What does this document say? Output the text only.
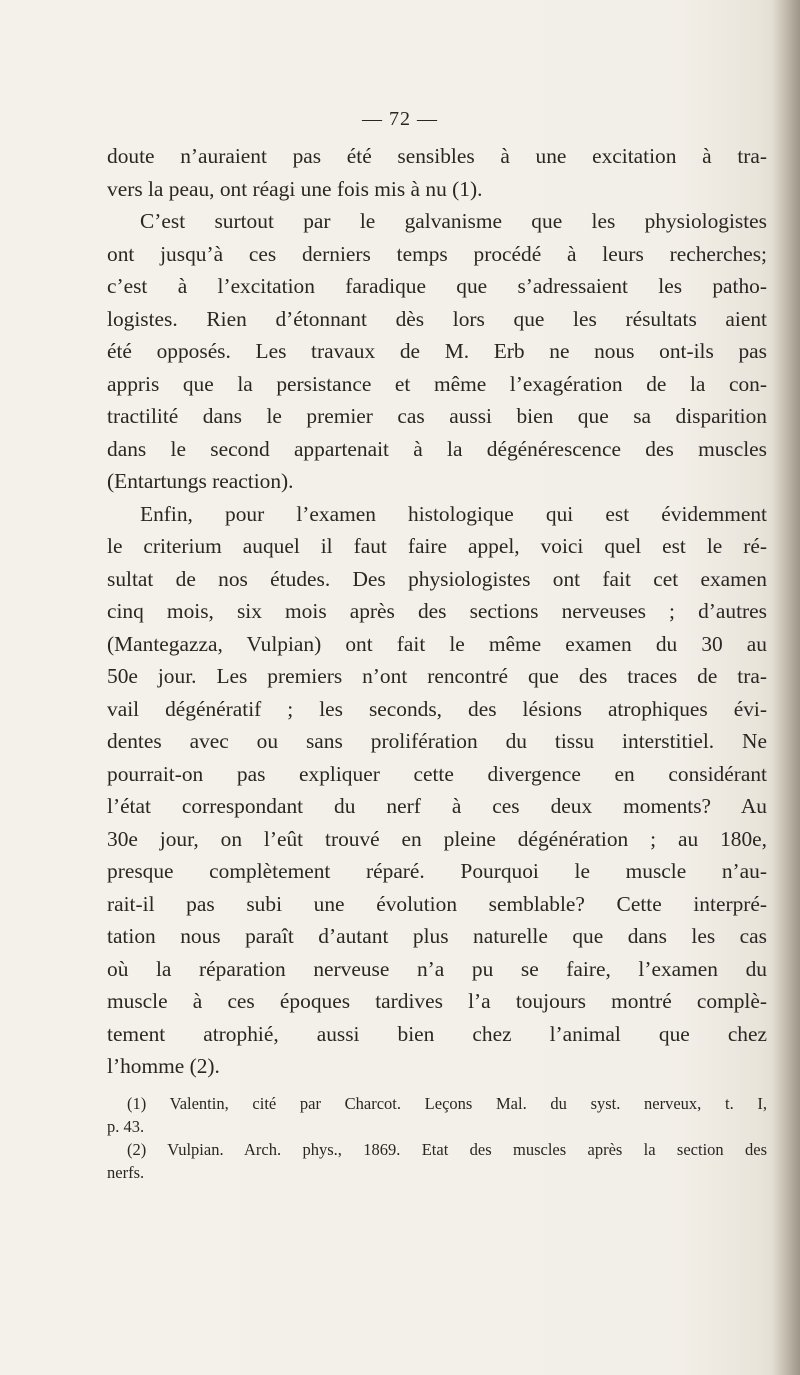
— 72 —
doute n’auraient pas été sensibles à une excitation à tra-
vers la peau, ont réagi une fois mis à nu (1).
C’est surtout par le galvanisme que les physiologistes
ont jusqu’à ces derniers temps procédé à leurs recherches;
c’est à l’excitation faradique que s’adressaient les patho-
logistes. Rien d’étonnant dès lors que les résultats aient
été opposés. Les travaux de M. Erb ne nous ont-ils pas
appris que la persistance et même l’exagération de la con-
tractilité dans le premier cas aussi bien que sa disparition
dans le second appartenait à la dégénérescence des muscles
(Entartungs reaction).
Enfin, pour l’examen histologique qui est évidemment
le criterium auquel il faut faire appel, voici quel est le ré-
sultat de nos études. Des physiologistes ont fait cet examen
cinq mois, six mois après des sections nerveuses ; d’autres
(Mantegazza, Vulpian) ont fait le même examen du 30 au
50e jour. Les premiers n’ont rencontré que des traces de tra-
vail dégénératif ; les seconds, des lésions atrophiques évi-
dentes avec ou sans prolifération du tissu interstitiel. Ne
pourrait-on pas expliquer cette divergence en considérant
l’état correspondant du nerf à ces deux moments? Au
30e jour, on l’eût trouvé en pleine dégénération ; au 180e,
presque complètement réparé. Pourquoi le muscle n’au-
rait-il pas subi une évolution semblable? Cette interpré-
tation nous paraît d’autant plus naturelle que dans les cas
où la réparation nerveuse n’a pu se faire, l’examen du
muscle à ces époques tardives l’a toujours montré complè-
tement atrophié, aussi bien chez l’animal que chez
l’homme (2).
(1) Valentin, cité par Charcot. Leçons Mal. du syst. nerveux, t. I,
p. 43.
(2) Vulpian. Arch. phys., 1869. Etat des muscles après la section des
nerfs.
